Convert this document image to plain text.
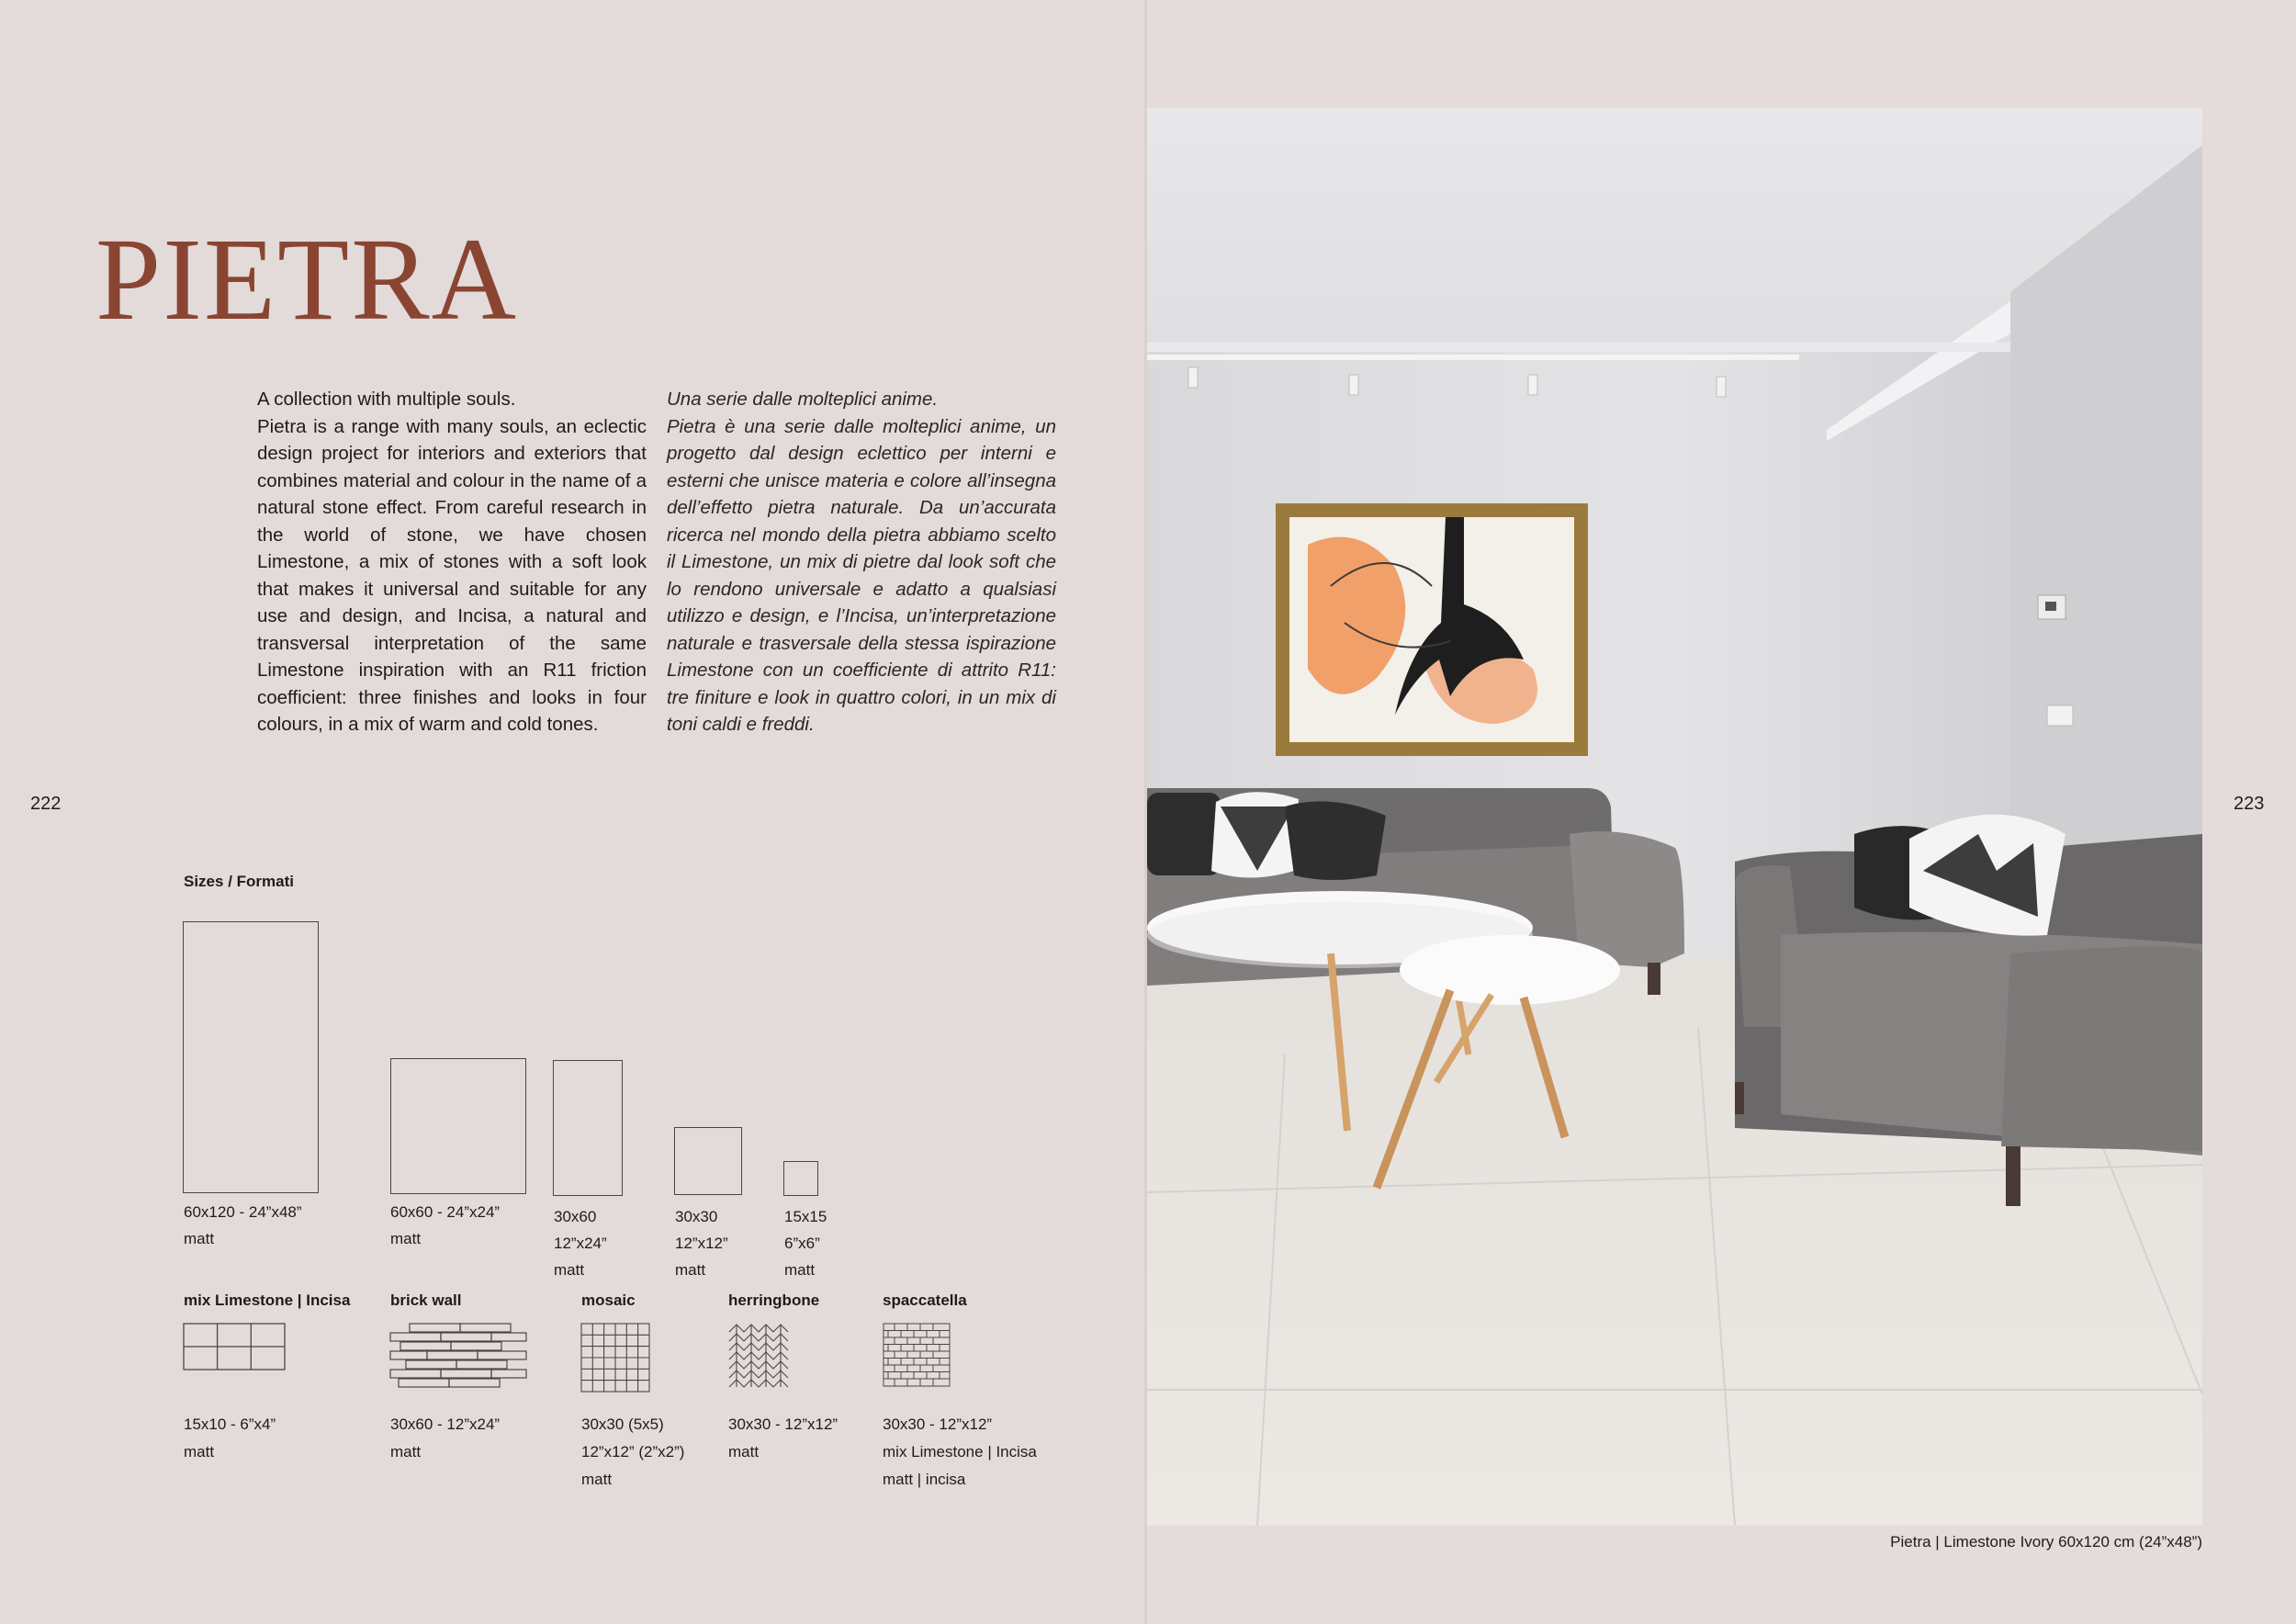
PIETRA

A collection with multiple souls.

Pietra is a range with many souls, an eclectic design project for interiors and exteriors that combines material and colour in the name of a natural stone effect. From careful research in the world of stone, we have chosen Limestone, a mix of stones with a soft look that makes it universal and suitable for any use and design, and Incisa, a natural and transversal interpretation of the same Limestone inspiration with an R11 friction coefficient: three finishes and looks in four colours, in a mix of warm and cold tones.

Una serie dalle molteplici anime.

Pietra è una serie dalle molteplici anime, un progetto dal design eclettico per interni e esterni che unisce materia e colore all’insegna dell’effetto pietra naturale. Da un’accurata ricerca nel mondo della pietra abbiamo scelto il Limestone, un mix di pietre dal look soft che lo rendono universale e adatto a qualsiasi utilizzo e design, e l’Incisa, un’interpretazione naturale e trasversale della stessa ispirazione Limestone con un coefficiente di attrito R11: tre finiture e look in quattro colori, in un mix di toni caldi e freddi.

222	223
Sizes / Formati
60x120 - 24”x48”
matt
60x60 - 24”x24”
matt
30x60
12”x24”
matt
30x30
12”x12”
matt
15x15
6”x6”
matt
mix Limestone | Incisa	brick wall	mosaic	herringbone	spaccatella
15x10 - 6”x4”
matt
30x60 - 12”x24”
matt
30x30 (5x5)
12”x12” (2”x2”)
matt
30x30 - 12”x12”
matt
30x30 - 12”x12”
mix Limestone | Incisa
matt | incisa
Pietra | Limestone Ivory 60x120 cm (24”x48”)
